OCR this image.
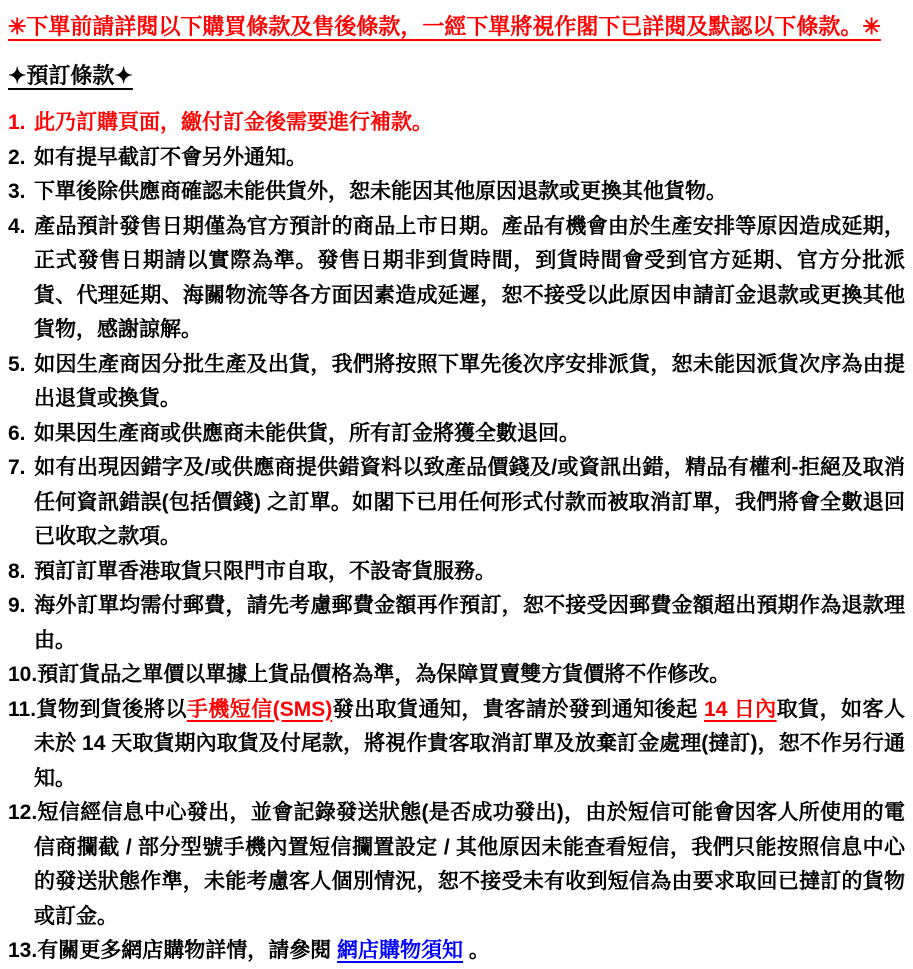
✳下單前請詳閱以下購買條款及售後條款，一經下單將視作閣下已詳閱及默認以下條款。✳

✦預訂條款✦
1. 此乃訂購頁面，繳付訂金後需要進行補款。
2. 如有提早截訂不會另外通知。
3. 下單後除供應商確認未能供貨外，恕未能因其他原因退款或更換其他貨物。
4. 產品預計發售日期僅為官方預計的商品上市日期。產品有機會由於生產安排等原因造成延期，正式發售日期請以實際為準。發售日期非到貨時間，到貨時間會受到官方延期、官方分批派貨、代理延期、海關物流等各方面因素造成延遲，恕不接受以此原因申請訂金退款或更換其他貨物，感謝諒解。
5. 如因生產商因分批生產及出貨，我們將按照下單先後次序安排派貨，恕未能因派貨次序為由提出退貨或換貨。
6. 如果因生產商或供應商未能供貨，所有訂金將獲全數退回。
7. 如有出現因錯字及/或供應商提供錯資料以致產品價錢及/或資訊出錯，精品有權利-拒絕及取消任何資訊錯誤(包括價錢) 之訂單。如閣下已用任何形式付款而被取消訂單，我們將會全數退回已收取之款項。
8. 預訂訂單香港取貨只限門市自取，不設寄貨服務。
9. 海外訂單均需付郵費，請先考慮郵費金額再作預訂，恕不接受因郵費金額超出預期作為退款理由。
10.預訂貨品之單價以單據上貨品價格為準，為保障買賣雙方貨價將不作修改。
11.貨物到貨後將以手機短信(SMS)發出取貨通知，貴客請於發到通知後起 14 日內取貨，如客人未於 14 天取貨期內取貨及付尾款，將視作貴客取消訂單及放棄訂金處理(撻訂)，恕不作另行通知。
12.短信經信息中心發出，並會記錄發送狀態(是否成功發出)，由於短信可能會因客人所使用的電信商攔截 / 部分型號手機內置短信攔置設定 / 其他原因未能查看短信，我們只能按照信息中心的發送狀態作準，未能考慮客人個別情況，恕不接受未有收到短信為由要求取回已撻訂的貨物或訂金。
13.有關更多網店購物詳情，請參閱 網店購物須知 。
